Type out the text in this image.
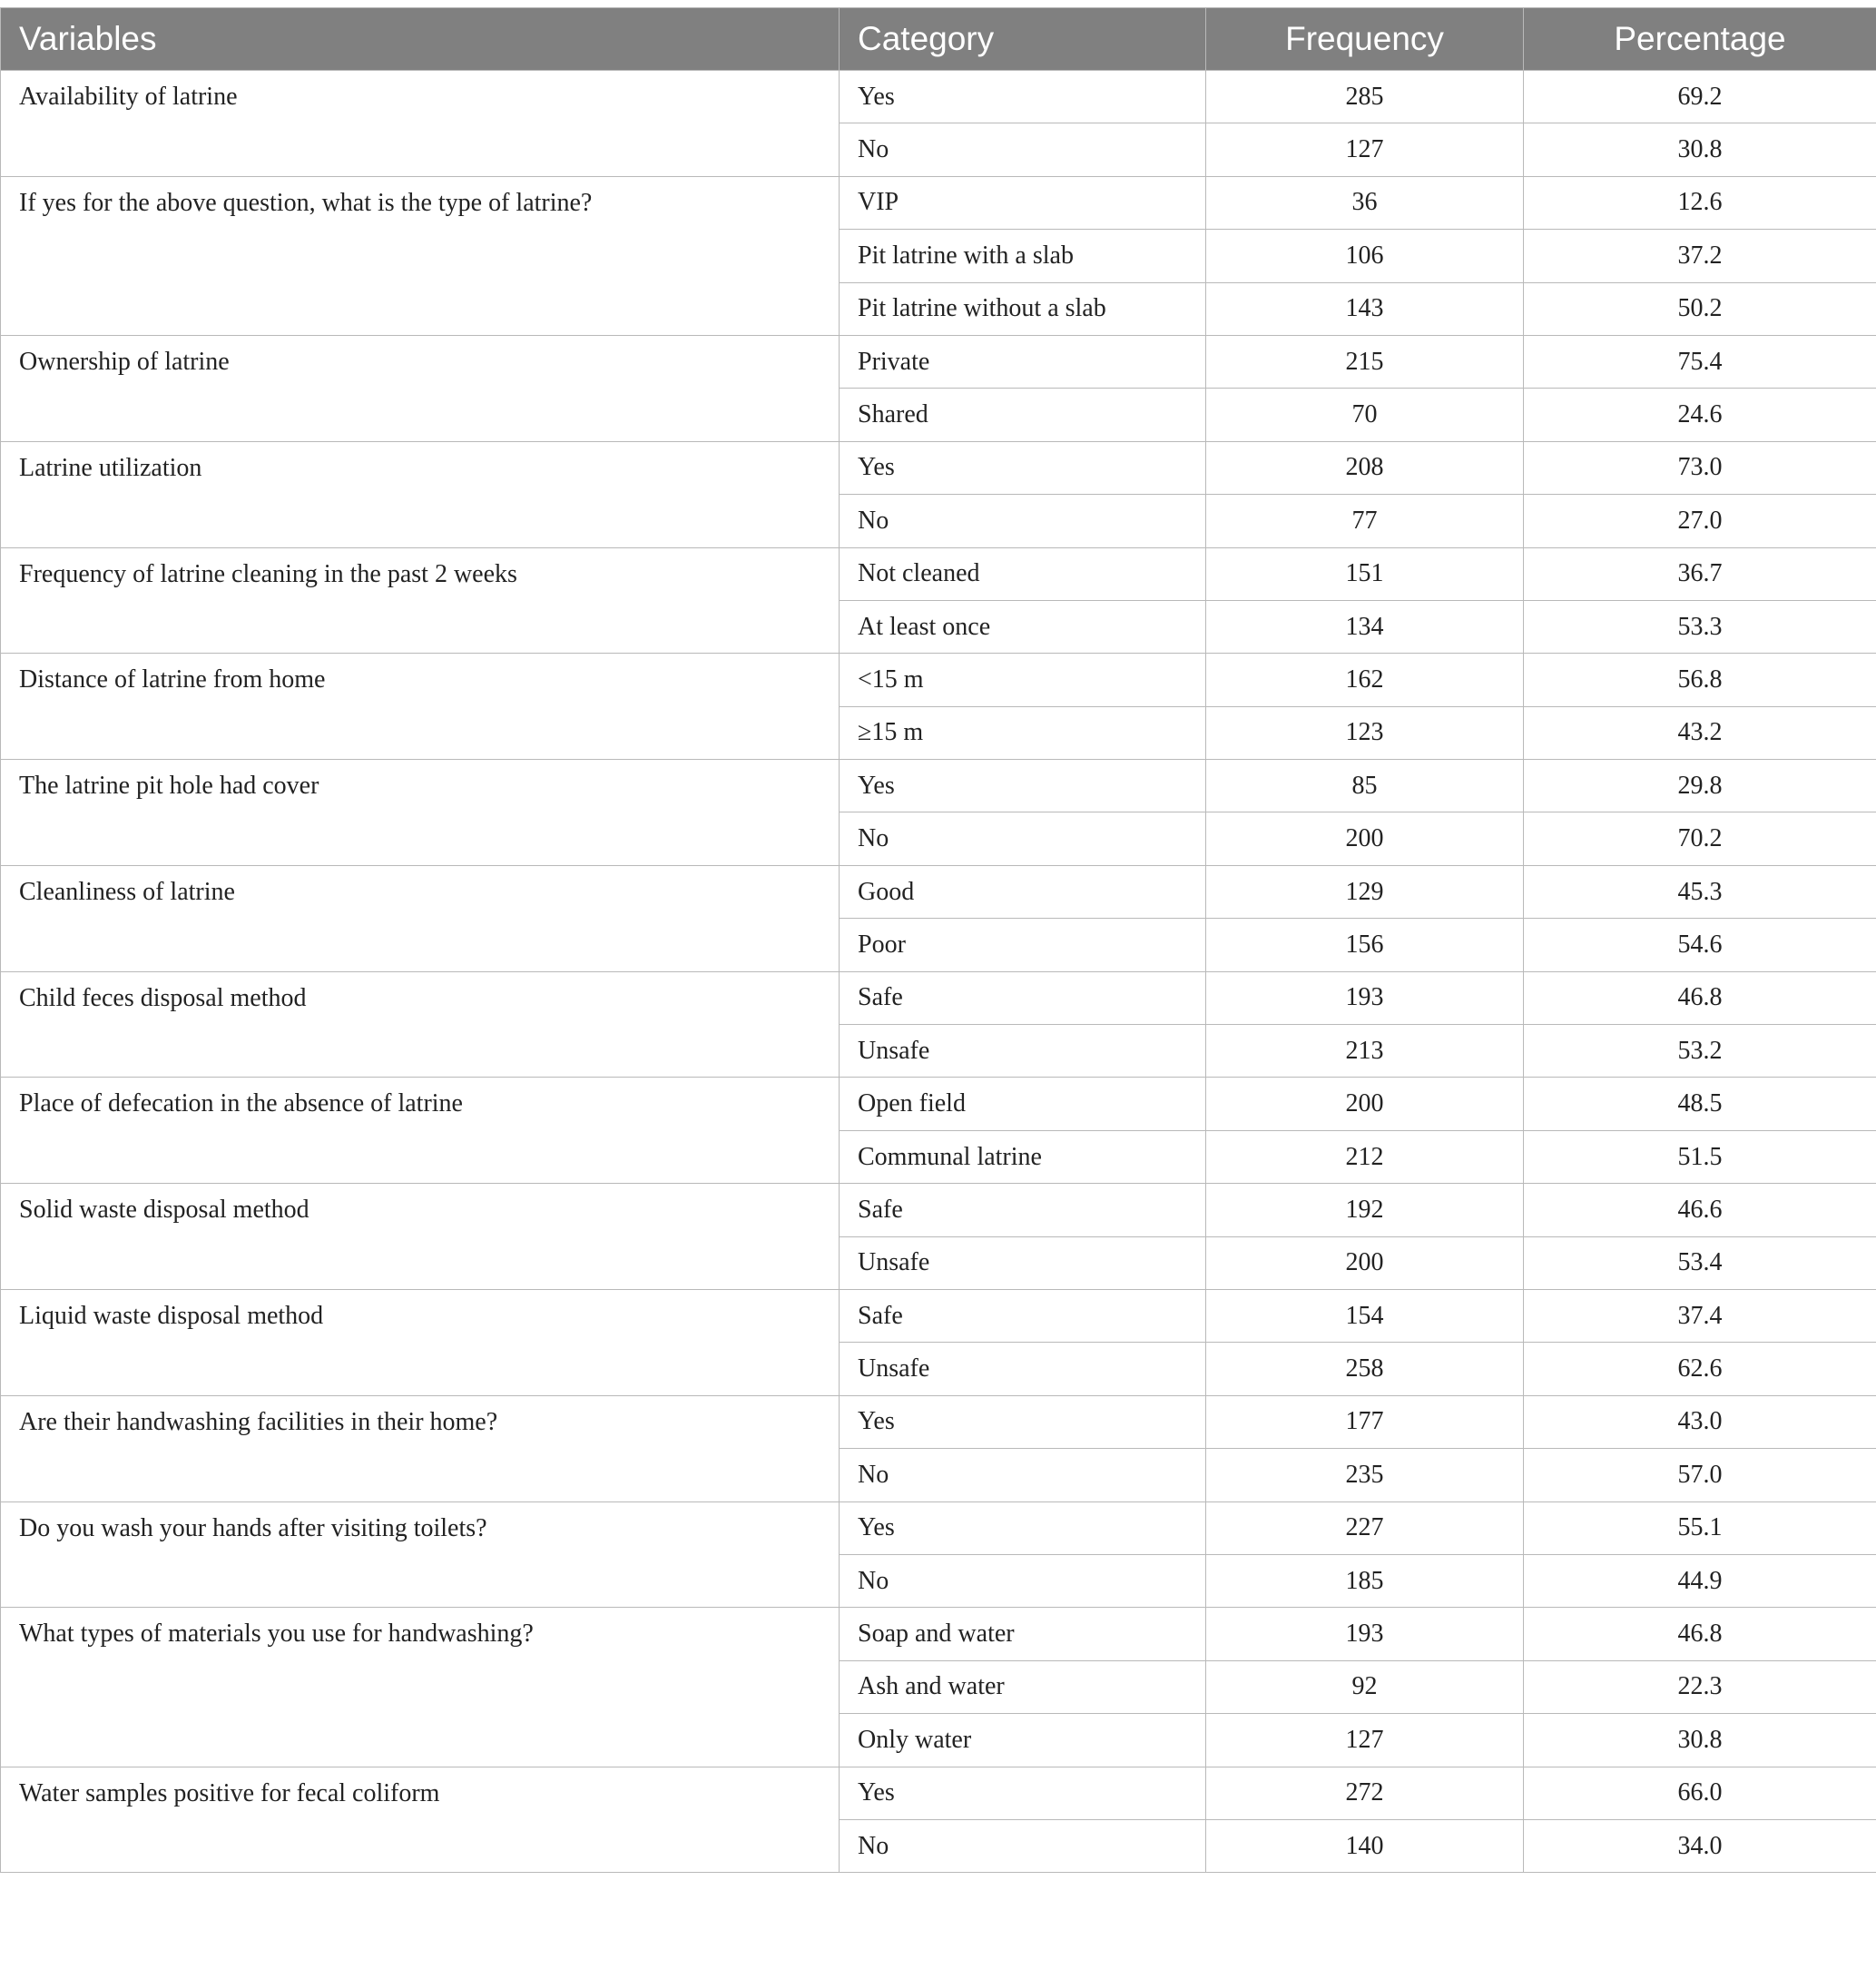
Variables	Category	Frequency	Percentage
Availability of latrine	Yes	285	69.2
	No	127	30.8
If yes for the above question, what is the type of latrine?	VIP	36	12.6
	Pit latrine with a slab	106	37.2
	Pit latrine without a slab	143	50.2
Ownership of latrine	Private	215	75.4
	Shared	70	24.6
Latrine utilization	Yes	208	73.0
	No	77	27.0
Frequency of latrine cleaning in the past 2 weeks	Not cleaned	151	36.7
	At least once	134	53.3
Distance of latrine from home	<15 m	162	56.8
	≥15 m	123	43.2
The latrine pit hole had cover	Yes	85	29.8
	No	200	70.2
Cleanliness of latrine	Good	129	45.3
	Poor	156	54.6
Child feces disposal method	Safe	193	46.8
	Unsafe	213	53.2
Place of defecation in the absence of latrine	Open field	200	48.5
	Communal latrine	212	51.5
Solid waste disposal method	Safe	192	46.6
	Unsafe	200	53.4
Liquid waste disposal method	Safe	154	37.4
	Unsafe	258	62.6
Are their handwashing facilities in their home?	Yes	177	43.0
	No	235	57.0
Do you wash your hands after visiting toilets?	Yes	227	55.1
	No	185	44.9
What types of materials you use for handwashing?	Soap and water	193	46.8
	Ash and water	92	22.3
	Only water	127	30.8
Water samples positive for fecal coliform	Yes	272	66.0
	No	140	34.0
